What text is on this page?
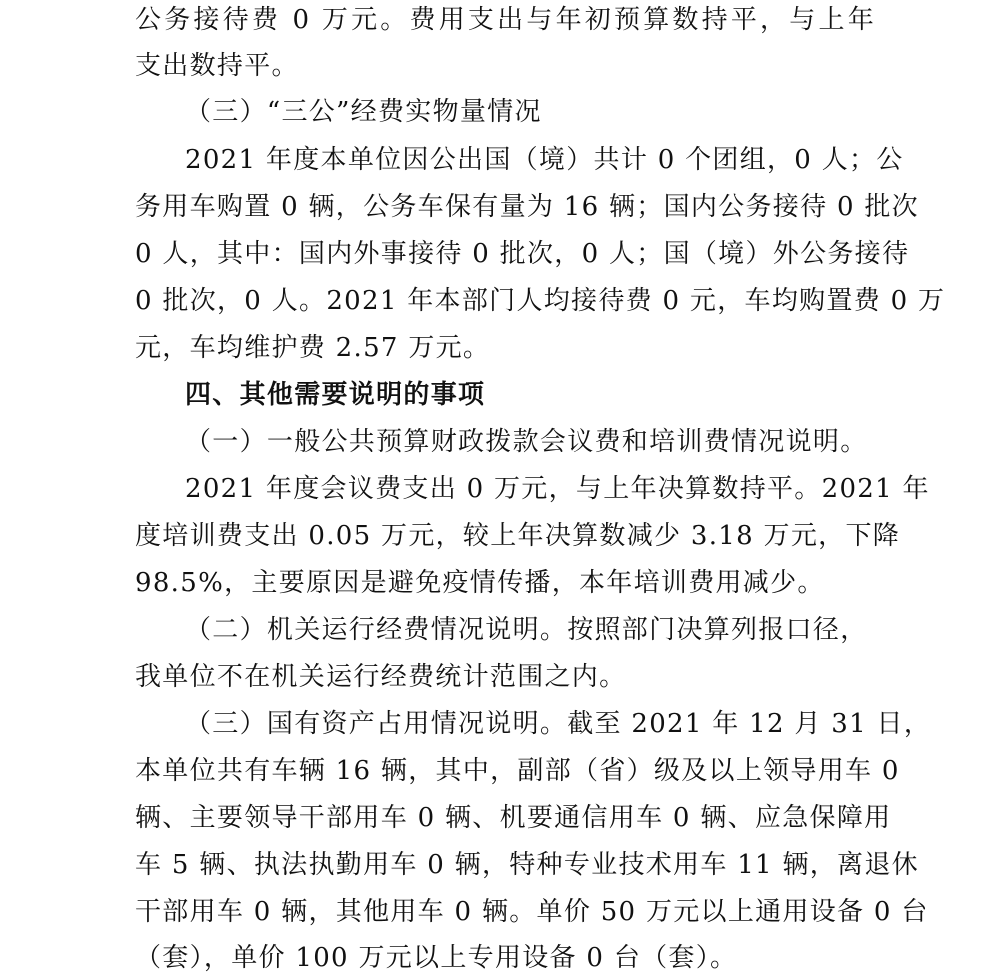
公务接待费 0 万元。费用支出与年初预算数持平，与上年
支出数持平。
（三）“三公”经费实物量情况
2021 年度本单位因公出国（境）共计 0 个团组，0 人；公
务用车购置 0 辆，公务车保有量为 16 辆；国内公务接待 0 批次
0 人，其中：国内外事接待 0 批次，0 人；国（境）外公务接待
0 批次，0 人。2021 年本部门人均接待费 0 元，车均购置费 0 万
元，车均维护费 2.57 万元。
四、其他需要说明的事项
（一）一般公共预算财政拨款会议费和培训费情况说明。
2021 年度会议费支出 0 万元，与上年决算数持平。2021 年
度培训费支出 0.05 万元，较上年决算数减少 3.18 万元，下降
98.5%，主要原因是避免疫情传播，本年培训费用减少。
（二）机关运行经费情况说明。按照部门决算列报口径，
我单位不在机关运行经费统计范围之内。
（三）国有资产占用情况说明。截至 2021 年 12 月 31 日，
本单位共有车辆 16 辆，其中，副部（省）级及以上领导用车 0
辆、主要领导干部用车 0 辆、机要通信用车 0 辆、应急保障用
车 5 辆、执法执勤用车 0 辆，特种专业技术用车 11 辆，离退休
干部用车 0 辆，其他用车 0 辆。单价 50 万元以上通用设备 0 台
（套），单价 100 万元以上专用设备 0 台（套）。
